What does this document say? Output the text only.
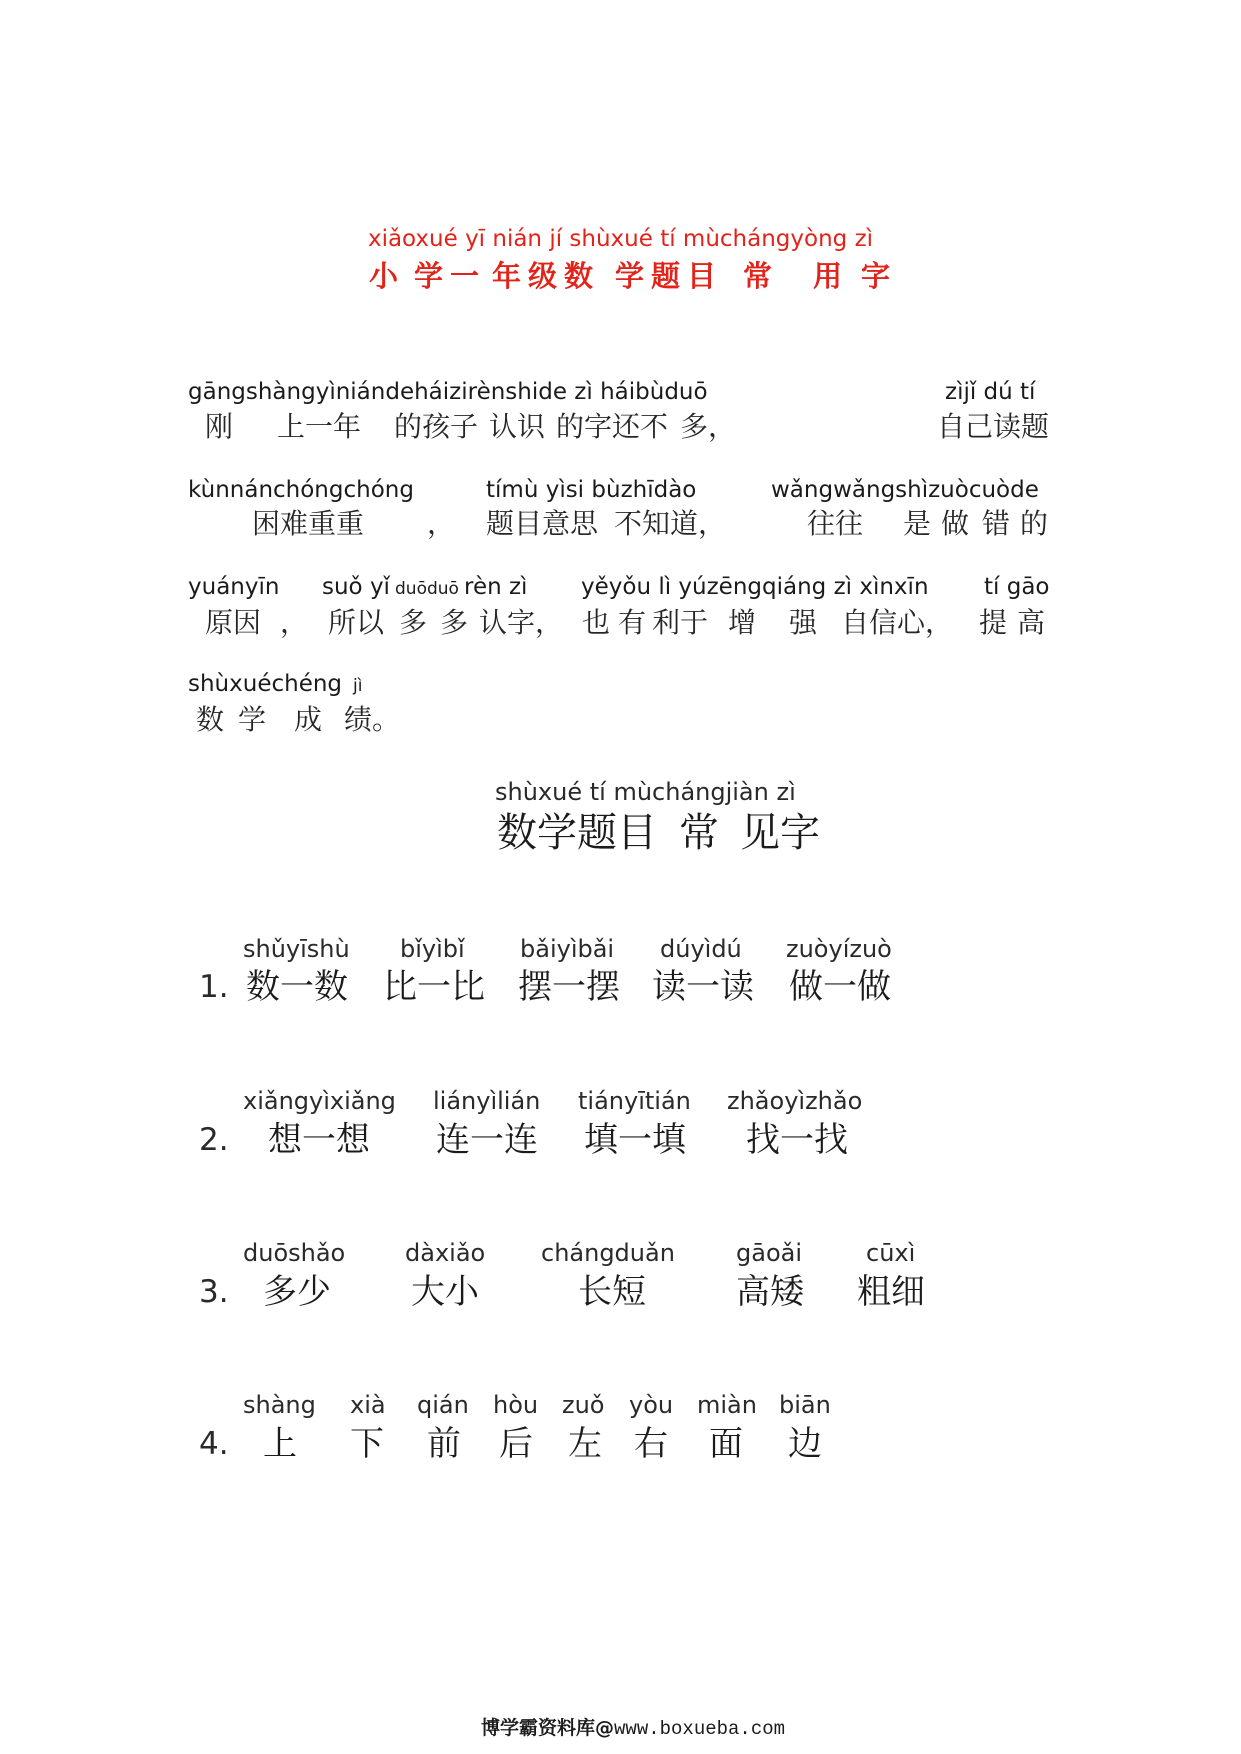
xiǎoxué yī nián jí shùxué tí mùchángyòng zì
小 学一 年级数 学题目 常 用 字
gāngshàngyìniándeháizirènshide zì háibùduō	zìjǐ dú tí
刚 上一年 的孩子 认识 的字还不 多，	自己读题
kùnnánchóngchóng	tímù yìsi bùzhīdào	wǎngwǎngshìzuòcuòde
困难重重 ， 题目意思 不知道，	往往 是 做 错 的
yuányīn suǒ yǐ duōduō rèn zì yěyǒu lì yúzēngqiáng zì xìnxīn tí gāo
原因 ， 所以 多 多 认字， 也 有 利于 增 强 自信心， 提 高
shùxuéchéng jì
数 学 成 绩。
shùxué tí mùchángjiàn zì
数学题目 常 见字
shǔyīshù bǐyìbǐ bǎiyìbǎi dúyìdú zuòyízuò
1. 数一数 比一比 摆一摆 读一读 做一做
xiǎngyìxiǎng liányìlián tiányītián zhǎoyìzhǎo
2. 想一想 连一连 填一填 找一找
duōshǎo dàxiǎo chángduǎn	gāoǎi	cūxì
3. 多少 大小	长短	高矮 粗细
shàng xià qián hòu zuǒ yòu miàn biān
4. 上 下 前 后 左 右 面 边
博学霸资料库@www.boxueba.com
